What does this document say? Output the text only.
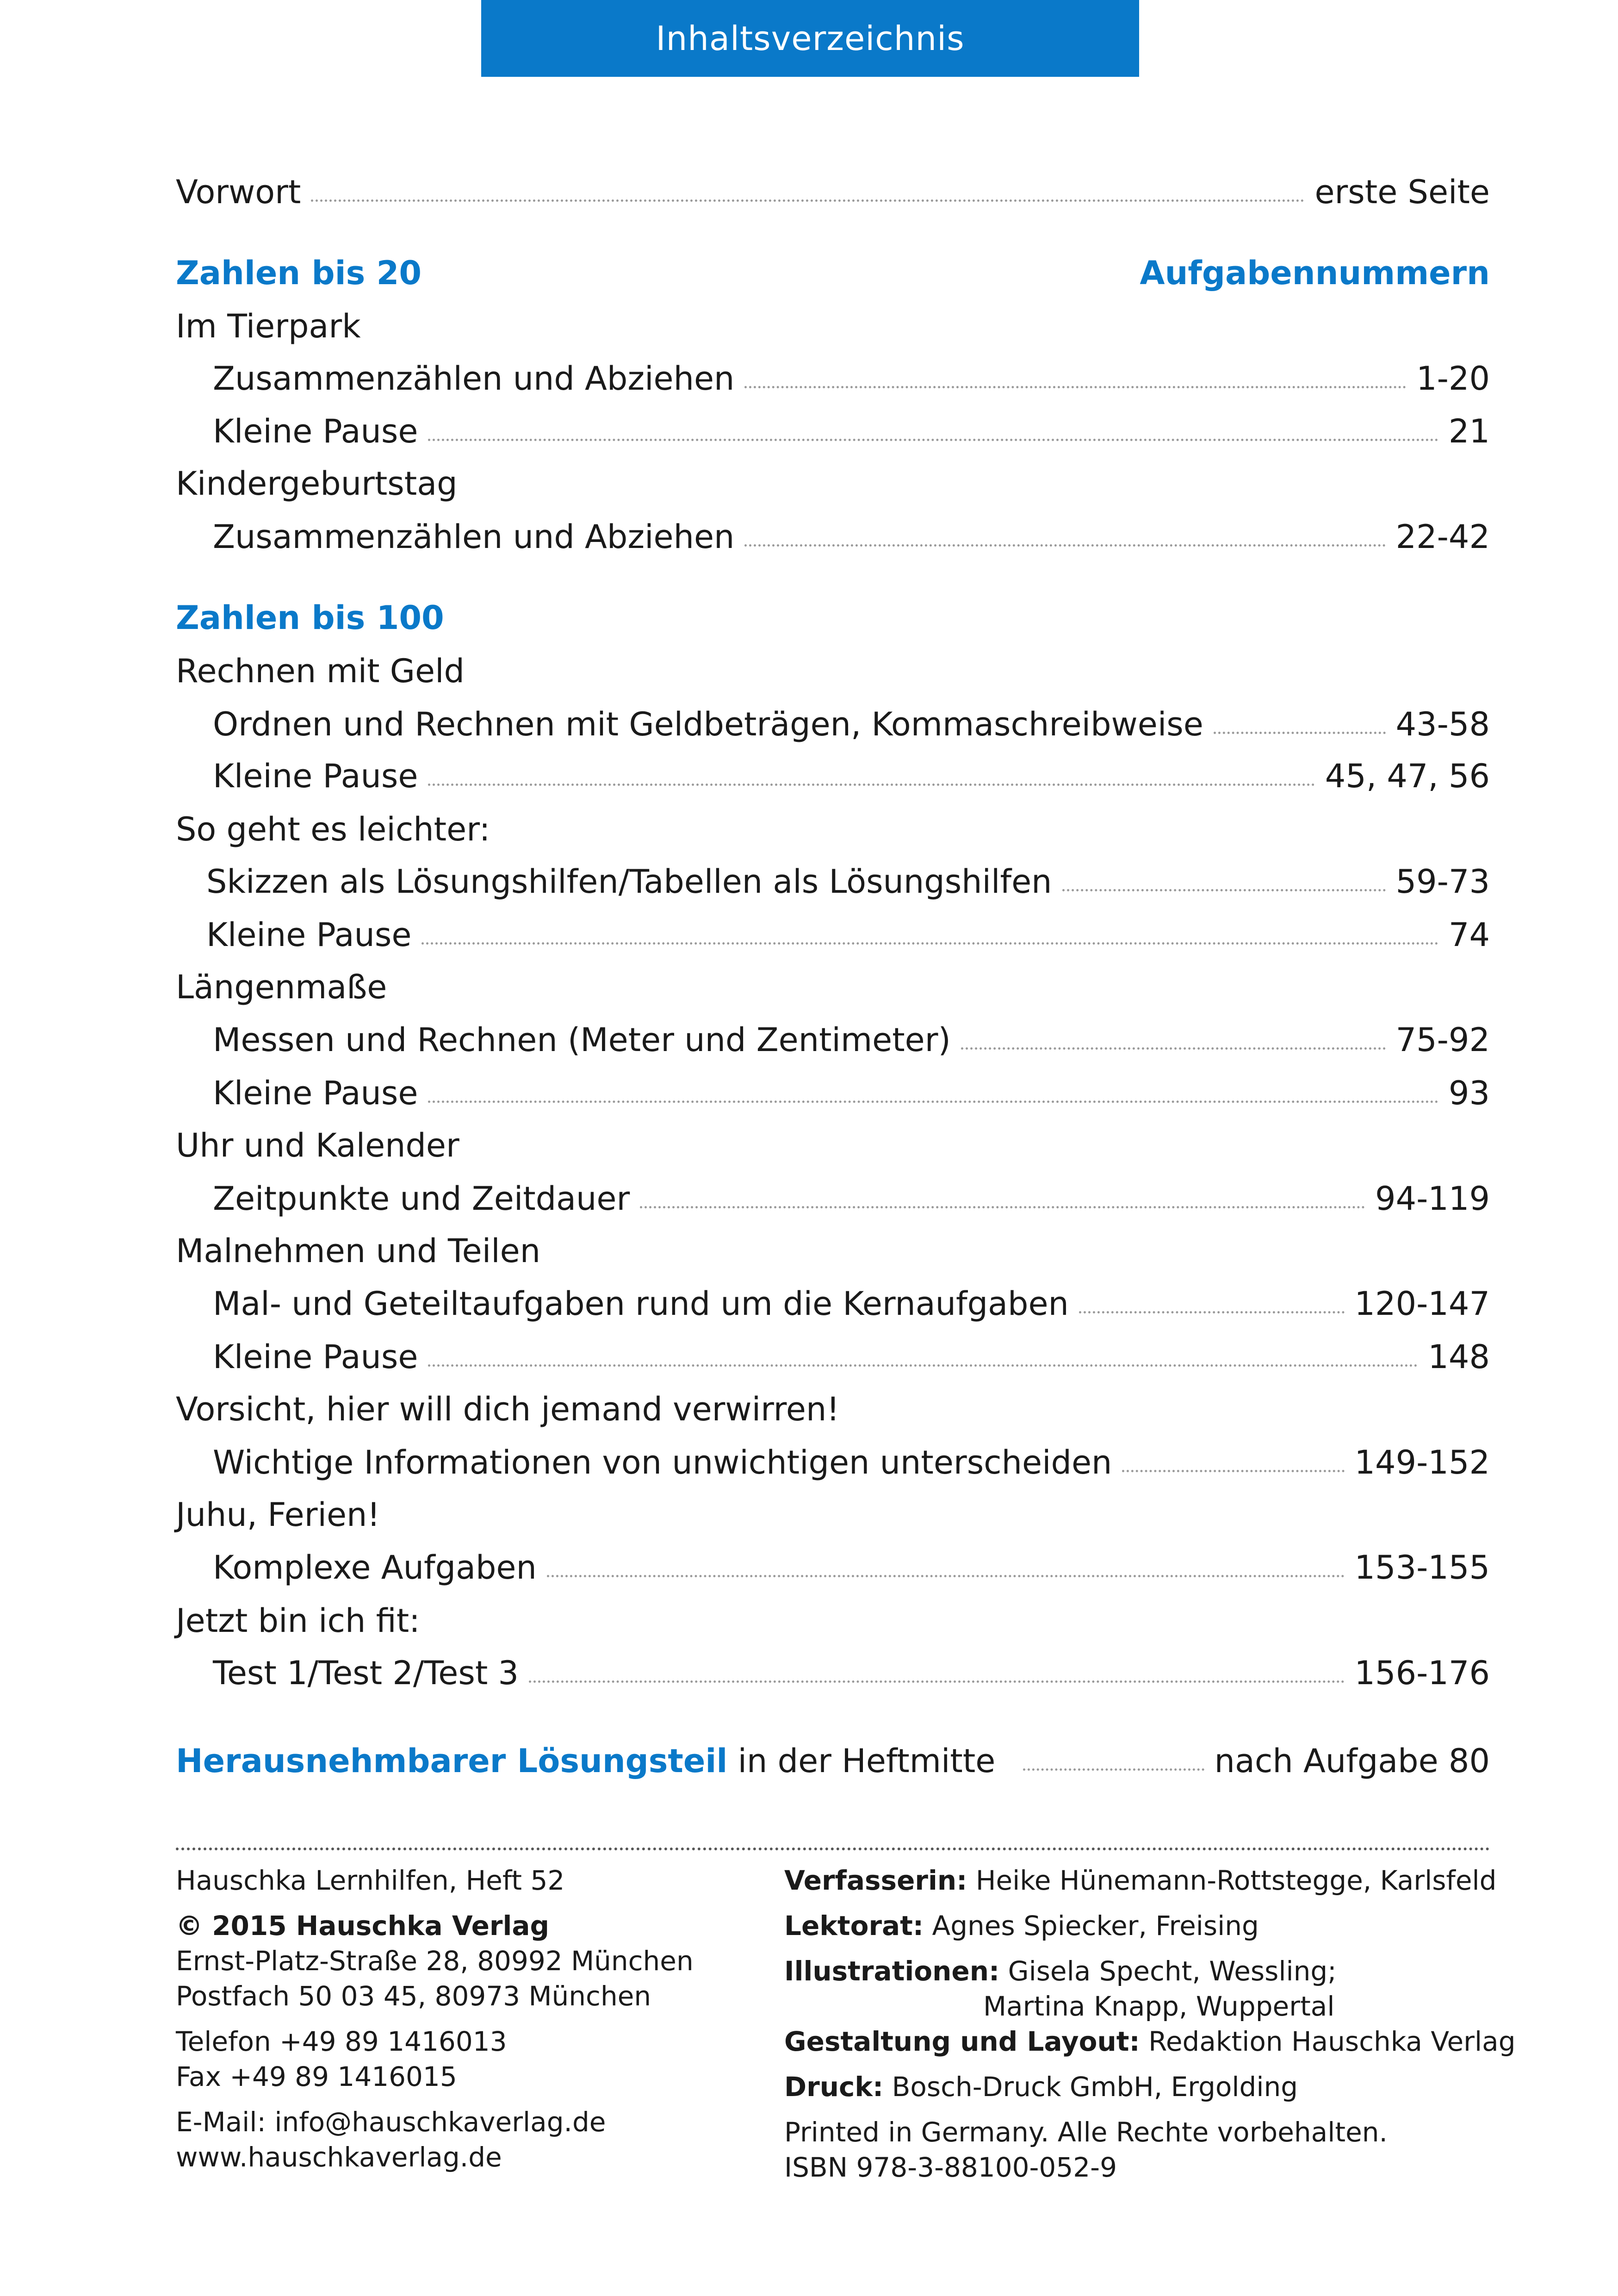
Inhaltsverzeichnis
Vorwort	erste Seite
Zahlen bis 20	Aufgabennummern
Im Tierpark
Zusammenzählen und Abziehen	1-20
Kleine Pause	21
Kindergeburtstag
Zusammenzählen und Abziehen	22-42
Zahlen bis 100
Rechnen mit Geld
Ordnen und Rechnen mit Geldbeträgen, Kommaschreibweise	43-58
Kleine Pause	45, 47, 56
So geht es leichter:
Skizzen als Lösungshilfen/Tabellen als Lösungshilfen	59-73
Kleine Pause	74
Längenmaße
Messen und Rechnen (Meter und Zentimeter)	75-92
Kleine Pause	93
Uhr und Kalender
Zeitpunkte und Zeitdauer	94-119
Malnehmen und Teilen
Mal- und Geteiltaufgaben rund um die Kernaufgaben	120-147
Kleine Pause	148
Vorsicht, hier will dich jemand verwirren!
Wichtige Informationen von unwichtigen unterscheiden	149-152
Juhu, Ferien!
Komplexe Aufgaben	153-155
Jetzt bin ich fit:
Test 1/Test 2/Test 3	156-176
Herausnehmbarer Lösungsteil in der Heftmitte	nach Aufgabe 80
Hauschka Lernhilfen, Heft 52
© 2015 Hauschka Verlag
Ernst-Platz-Straße 28, 80992 München
Postfach 50 03 45, 80973 München
Telefon +49 89 1416013
Fax +49 89 1416015
E-Mail: info@hauschkaverlag.de
www.hauschkaverlag.de
Verfasserin: Heike Hünemann-Rottstegge, Karlsfeld
Lektorat: Agnes Spiecker, Freising
Illustrationen: Gisela Specht, Wessling;
Martina Knapp, Wuppertal
Gestaltung und Layout: Redaktion Hauschka Verlag
Druck: Bosch-Druck GmbH, Ergolding
Printed in Germany. Alle Rechte vorbehalten.
ISBN 978-3-88100-052-9
